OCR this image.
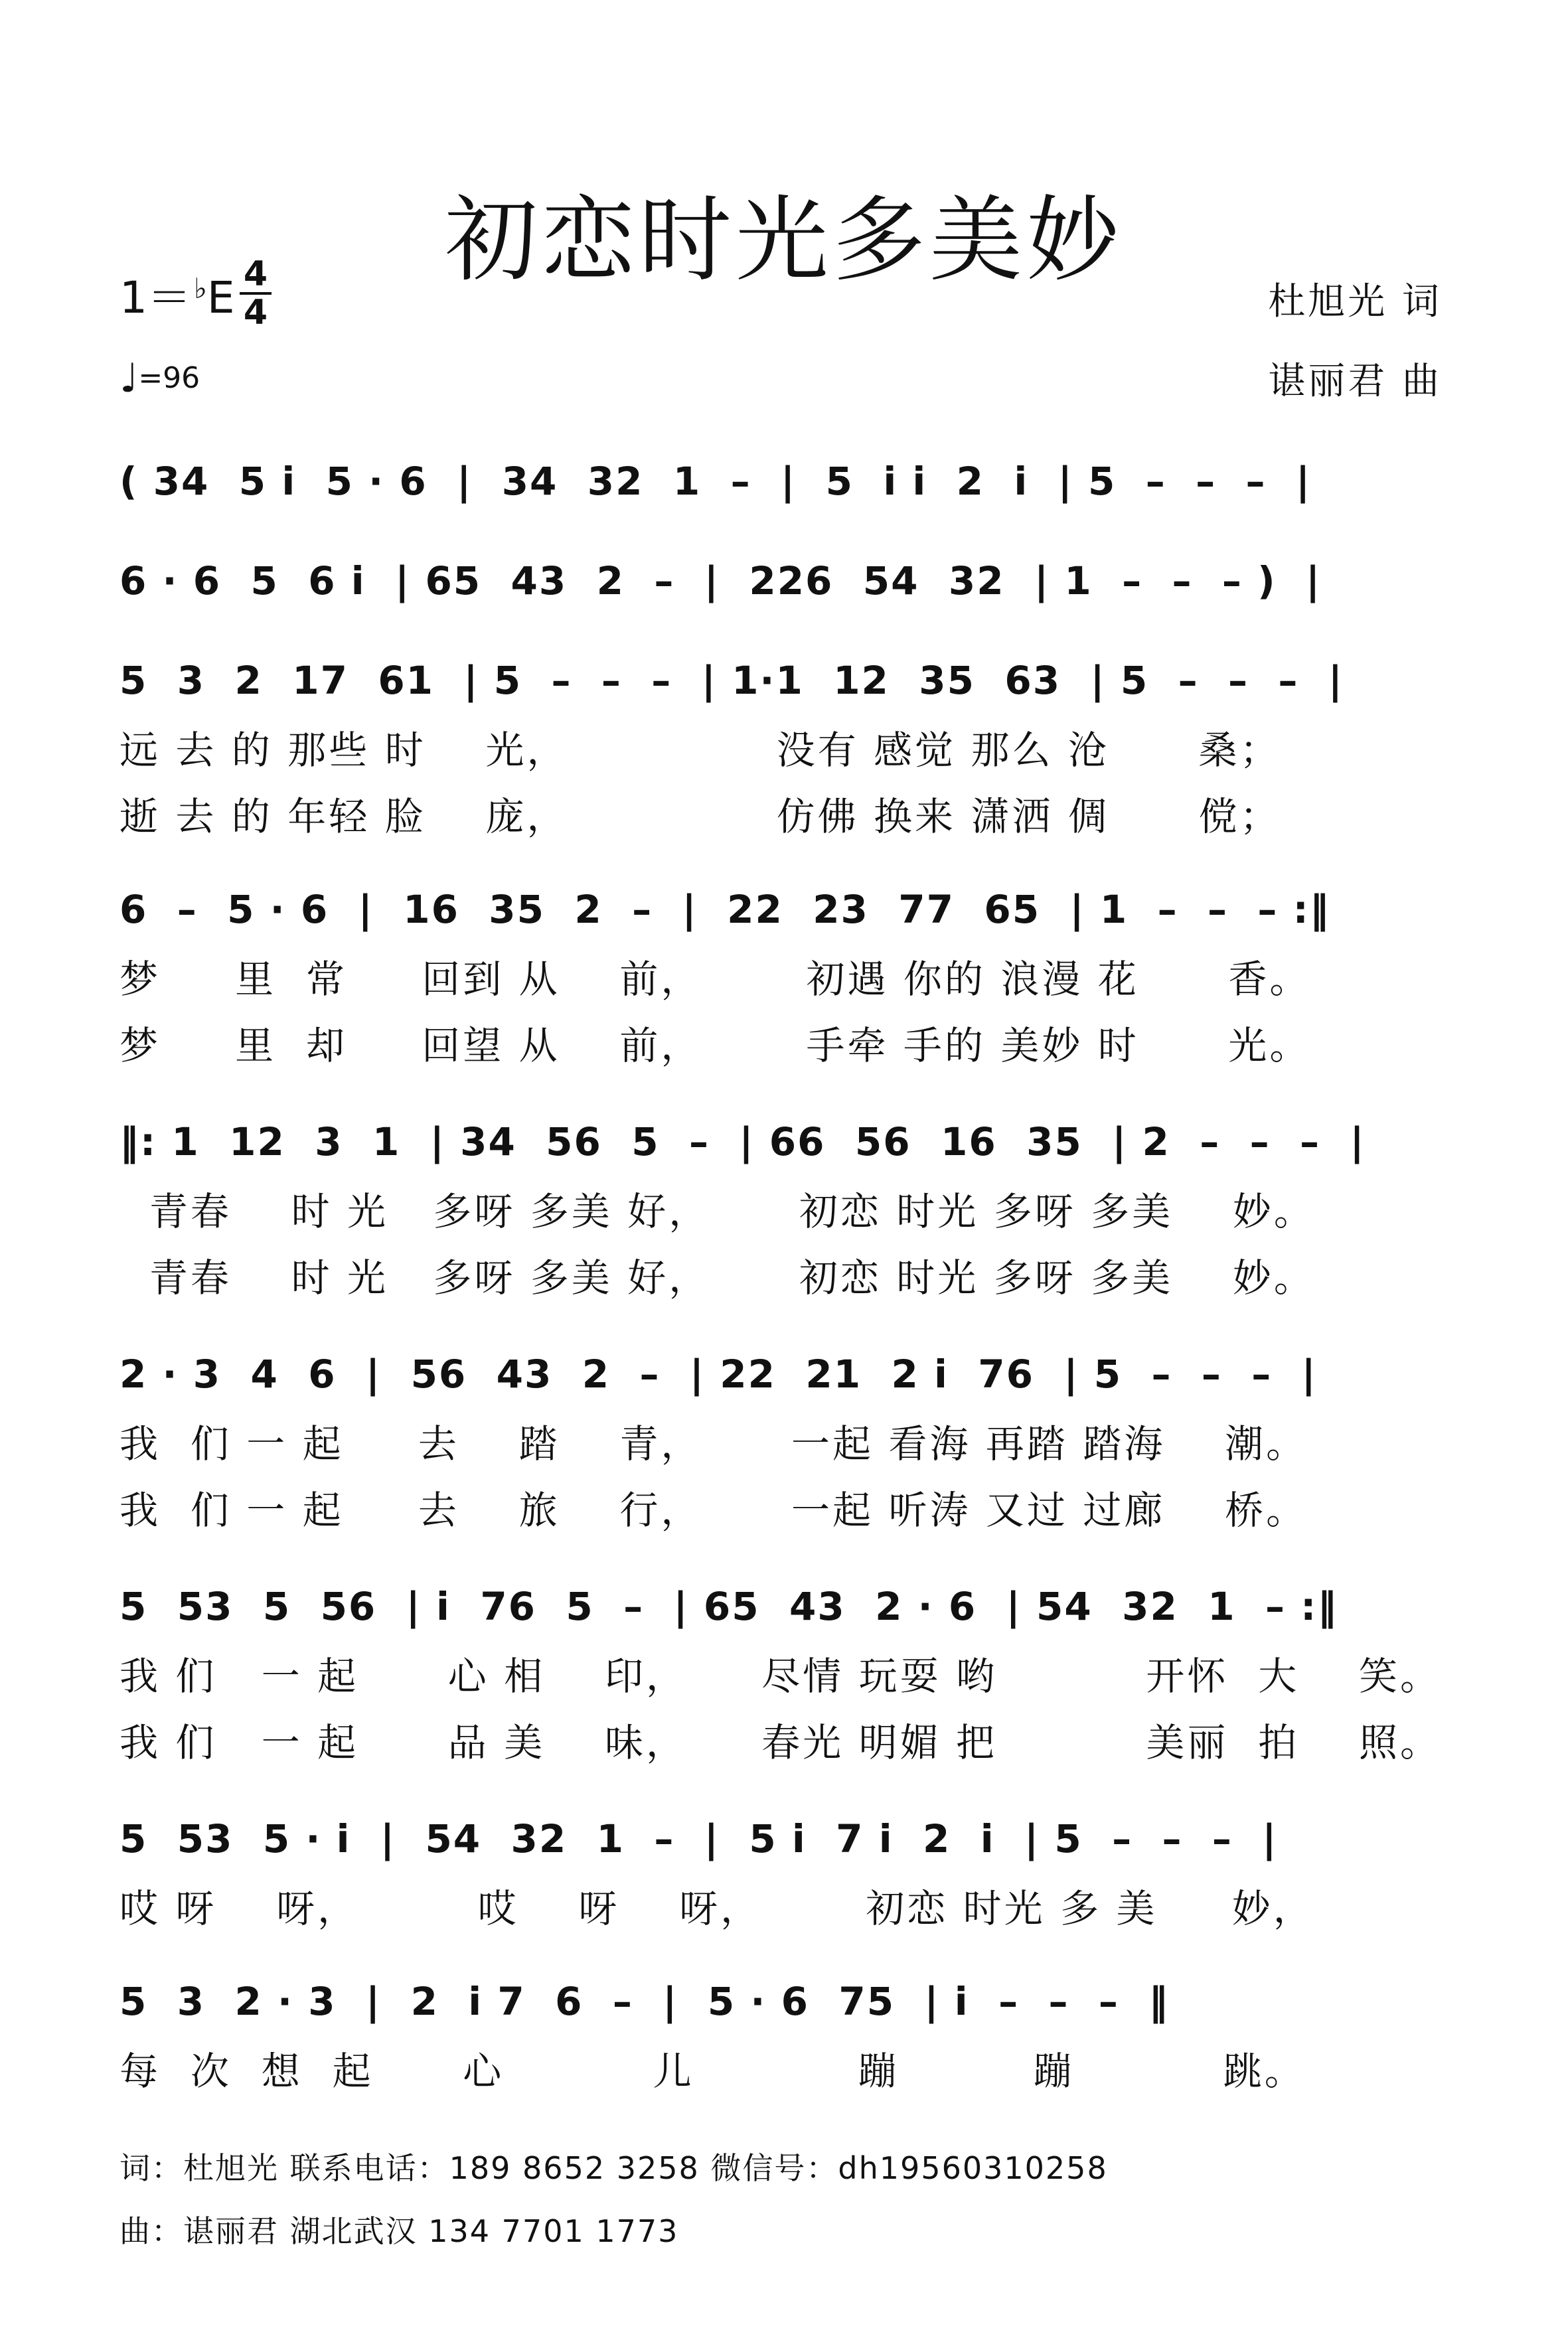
初恋时光多美妙
1＝♭E 4
4
♩=96
杜旭光 词
谌丽君 曲

( 34  5 i  5 · 6  |  34  32  1  –  |  5  i i  2  i  | 5  –  –  –  |

6 · 6  5  6 i  | 65  43  2  –  |  226  54  32  | 1  –  –  – )  |

5  3  2  17  61  | 5  –  –  –  | 1·1  12  35  63  | 5  –  –  –  |

远 去 的 那些 时    光，              没有 感觉 那么 沧      桑；
逝 去 的 年轻 脸    庞，              仿佛 换来 潇洒 倜      傥；

6  –  5 · 6  |  16  35  2  –  |  22  23  77  65  | 1  –  –  – :‖

梦     里  常     回到 从    前，       初遇 你的 浪漫 花      香。
梦     里  却     回望 从    前，       手牵 手的 美妙 时      光。

‖: 1  12  3  1  | 34  56  5  –  | 66  56  16  35  | 2  –  –  –  |

青春    时 光   多呀 多美 好，      初恋 时光 多呀 多美    妙。
青春    时 光   多呀 多美 好，      初恋 时光 多呀 多美    妙。

2 · 3  4  6  |  56  43  2  –  | 22  21  2 i  76  | 5  –  –  –  |

我  们 一 起     去    踏    青，      一起 看海 再踏 踏海    潮。
我  们 一 起     去    旅    行，      一起 听涛 又过 过廊    桥。

5  53  5  56  | i  76  5  –  | 65  43  2 · 6  | 54  32  1  – :‖

我 们   一 起      心 相    印，     尽情 玩耍 哟          开怀  大    笑。
我 们   一 起      品 美    味，     春光 明媚 把          美丽  拍    照。

5  53  5 · i  |  54  32  1  –  |  5 i  7 i  2  i  | 5  –  –  –  |

哎 呀    呀，        哎    呀    呀，       初恋 时光 多 美     妙，

5  3  2 · 3  |  2  i 7  6  –  |  5 · 6  75  | i  –  –  –  ‖

每  次  想  起      心          儿           蹦         蹦          跳。
词：杜旭光 联系电话：189 8652 3258 微信号：dh19560310258
曲：谌丽君 湖北武汉 134 7701 1773
